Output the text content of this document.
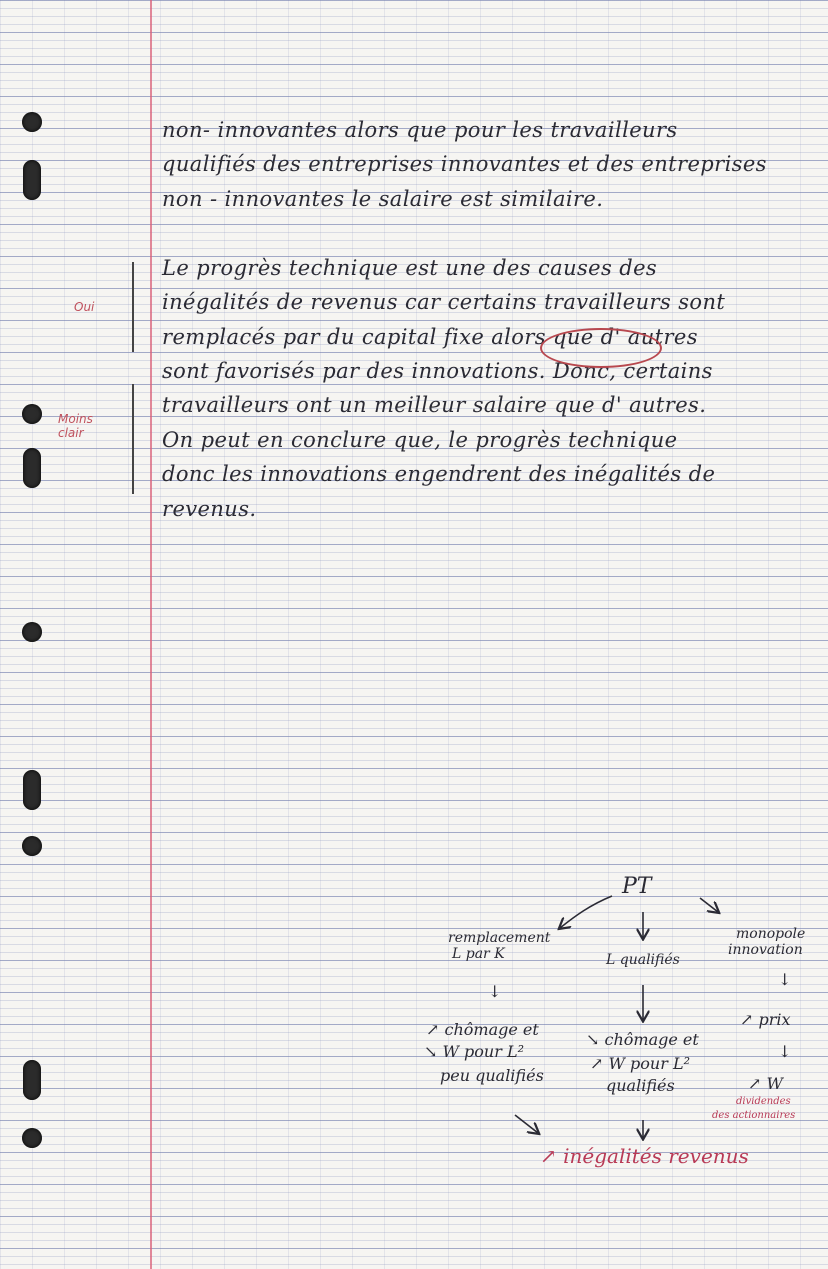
non- innovantes alors que pour les travailleurs

qualifiés des entreprises innovantes et des entreprises

non - innovantes le salaire est similaire.

Oui
Moins clair

Le progrès technique est une des causes des

inégalités de revenus car certains travailleurs sont

remplacés par du capital fixe alors que d' autres

sont favorisés par des innovations. Donc, certains

travailleurs ont un meilleur salaire que d' autres.

On peut en conclure que, le progrès technique

donc les innovations engendrent des inégalités de

revenus.

PT
remplacement
L par K
↓
↗ chômage et
↘ W pour L²
peu qualifiés
L qualifiés
↘ chômage et
↗ W pour L²
qualifiés
monopole
innovation
↓
↗ prix
↓
↗ W
dividendes
des actionnaires
↗ inégalités revenus
